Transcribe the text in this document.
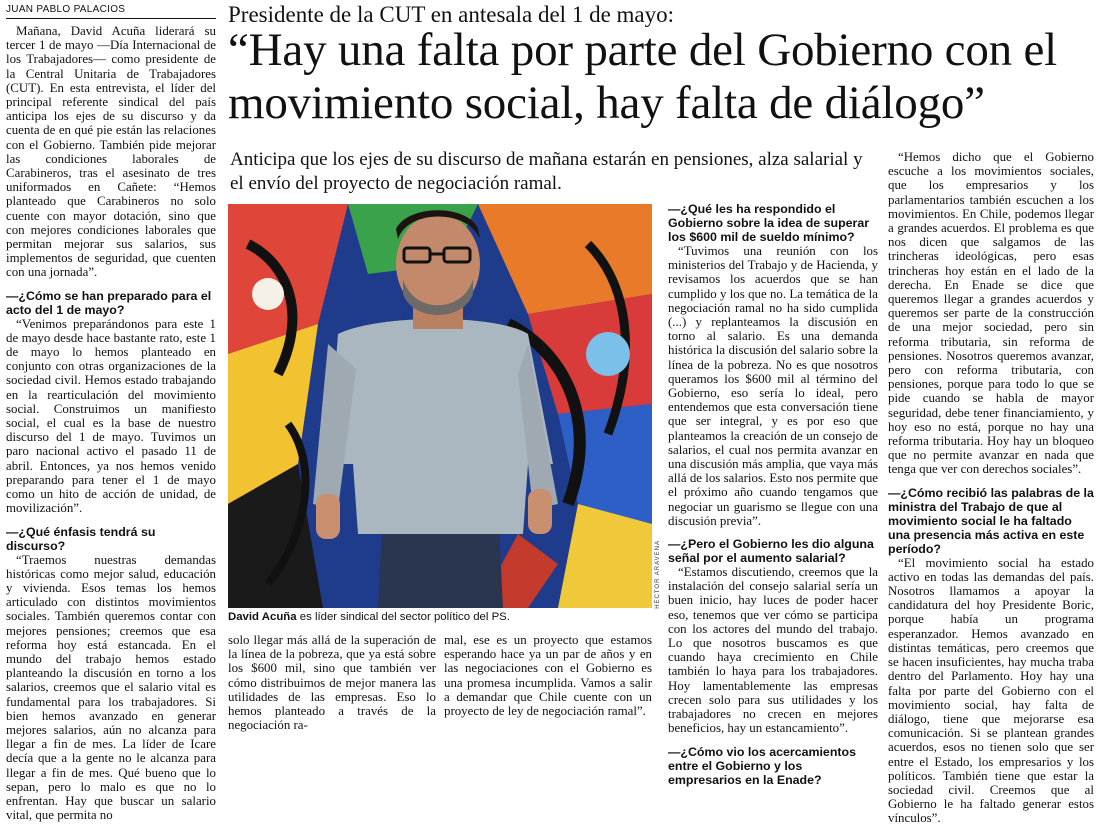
JUAN PABLO PALACIOS	Presidente de la CUT en antesala del 1 de mayo:
“Hay una falta por parte del Gobierno con el movimiento social, hay falta de diálogo”
Anticipa que los ejes de su discurso de mañana estarán en pensiones, alza salarial y el envío del proyecto de negociación ramal.

Mañana, David Acuña liderará su tercer 1 de mayo —Día Internacional de los Trabajadores— como presidente de la Central Unitaria de Trabajadores (CUT). En esta entrevista, el líder del principal referente sindical del país anticipa los ejes de su discurso y da cuenta de en qué pie están las relaciones con el Gobierno. También pide mejorar las condiciones laborales de Carabineros, tras el asesinato de tres uniformados en Cañete: “Hemos planteado que Carabineros no solo cuente con mayor dotación, sino que con mejores condiciones laborales que permitan mejorar sus salarios, sus implementos de seguridad, que cuenten con una jornada”.

—¿Cómo se han preparado para el acto del 1 de mayo?

“Venimos preparándonos para este 1 de mayo desde hace bastante rato, este 1 de mayo lo hemos planteado en conjunto con otras organizaciones de la sociedad civil. Hemos estado trabajando en la rearticulación del movimiento social. Construimos un manifiesto social, el cual es la base de nuestro discurso del 1 de mayo. Tuvimos un paro nacional activo el pasado 11 de abril. Entonces, ya nos hemos venido preparando para tener el 1 de mayo como un hito de acción de unidad, de movilización”.

—¿Qué énfasis tendrá su discurso?

“Traemos nuestras demandas históricas como mejor salud, educación y vivienda. Esos temas los hemos articulado con distintos movimientos sociales. También queremos contar con mejores pensiones; creemos que esa reforma hoy está estancada. En el mundo del trabajo hemos estado planteando la discusión en torno a los salarios, creemos que el salario vital es fundamental para los trabajadores. Si bien hemos avanzado en generar mejores salarios, aún no alcanza para llegar a fin de mes. La líder de Icare decía que a la gente no le alcanza para llegar a fin de mes. Qué bueno que lo sepan, pero lo malo es que no lo enfrentan. Hay que buscar un salario vital, que permita no

HÉCTOR ARAVENA
David Acuña es líder sindical del sector político del PS.

solo llegar más allá de la superación de la línea de la pobreza, que ya está sobre los $600 mil, sino que también ver cómo distribuimos de mejor manera las utilidades de las empresas. Eso lo hemos planteado a través de la negociación ra-

mal, ese es un proyecto que estamos esperando hace ya un par de años y en las negociaciones con el Gobierno es una promesa incumplida. Vamos a salir a demandar que Chile cuente con un proyecto de ley de negociación ramal”.

—¿Qué les ha respondido el Gobierno sobre la idea de superar los $600 mil de sueldo mínimo?

“Tuvimos una reunión con los ministerios del Trabajo y de Hacienda, y revisamos los acuerdos que se han cumplido y los que no. La temática de la negociación ramal no ha sido cumplida (...) y replanteamos la discusión en torno al salario. Es una demanda histórica la discusión del salario sobre la línea de la pobreza. No es que nosotros queramos los $600 mil al término del Gobierno, eso sería lo ideal, pero entendemos que esta conversación tiene que ser integral, y es por eso que planteamos la creación de un consejo de salarios, el cual nos permita avanzar en una discusión más amplia, que vaya más allá de los salarios. Esto nos permite que el próximo año cuando tengamos que negociar un guarismo se llegue con una discusión previa”.

—¿Pero el Gobierno les dio alguna señal por el aumento salarial?

“Estamos discutiendo, creemos que la instalación del consejo salarial sería un buen inicio, hay luces de poder hacer eso, tenemos que ver cómo se participa con los actores del mundo del trabajo. Lo que nosotros buscamos es que cuando haya crecimiento en Chile también lo haya para los trabajadores. Hoy lamentablemente las empresas crecen solo para sus utilidades y los trabajadores no crecen en mejores beneficios, hay un estancamiento”.

—¿Cómo vio los acercamientos entre el Gobierno y los empresarios en la Enade?

“Hemos dicho que el Gobierno escuche a los movimientos sociales, que los empresarios y los parlamentarios también escuchen a los movimientos. En Chile, podemos llegar a grandes acuerdos. El problema es que nos dicen que salgamos de las trincheras ideológicas, pero esas trincheras hoy están en el lado de la derecha. En Enade se dice que queremos llegar a grandes acuerdos y queremos ser parte de la construcción de una mejor sociedad, pero sin reforma tributaria, sin reforma de pensiones. Nosotros queremos avanzar, pero con reforma tributaria, con pensiones, porque para todo lo que se pide cuando se habla de mayor seguridad, debe tener financiamiento, y hoy eso no está, porque no hay una reforma tributaria. Hoy hay un bloqueo que no permite avanzar en nada que tenga que ver con derechos sociales”.

—¿Cómo recibió las palabras de la ministra del Trabajo de que al movimiento social le ha faltado una presencia más activa en este período?

“El movimiento social ha estado activo en todas las demandas del país. Nosotros llamamos a apoyar la candidatura del hoy Presidente Boric, porque había un programa esperanzador. Hemos avanzado en distintas temáticas, pero creemos que se hacen insuficientes, hay mucha traba dentro del Parlamento. Hoy hay una falta por parte del Gobierno con el movimiento social, hay falta de diálogo, tiene que mejorarse esa comunicación. Si se plantean grandes acuerdos, esos no tienen solo que ser entre el Estado, los empresarios y los políticos. También tiene que estar la sociedad civil. Creemos que al Gobierno le ha faltado generar estos vínculos”.
